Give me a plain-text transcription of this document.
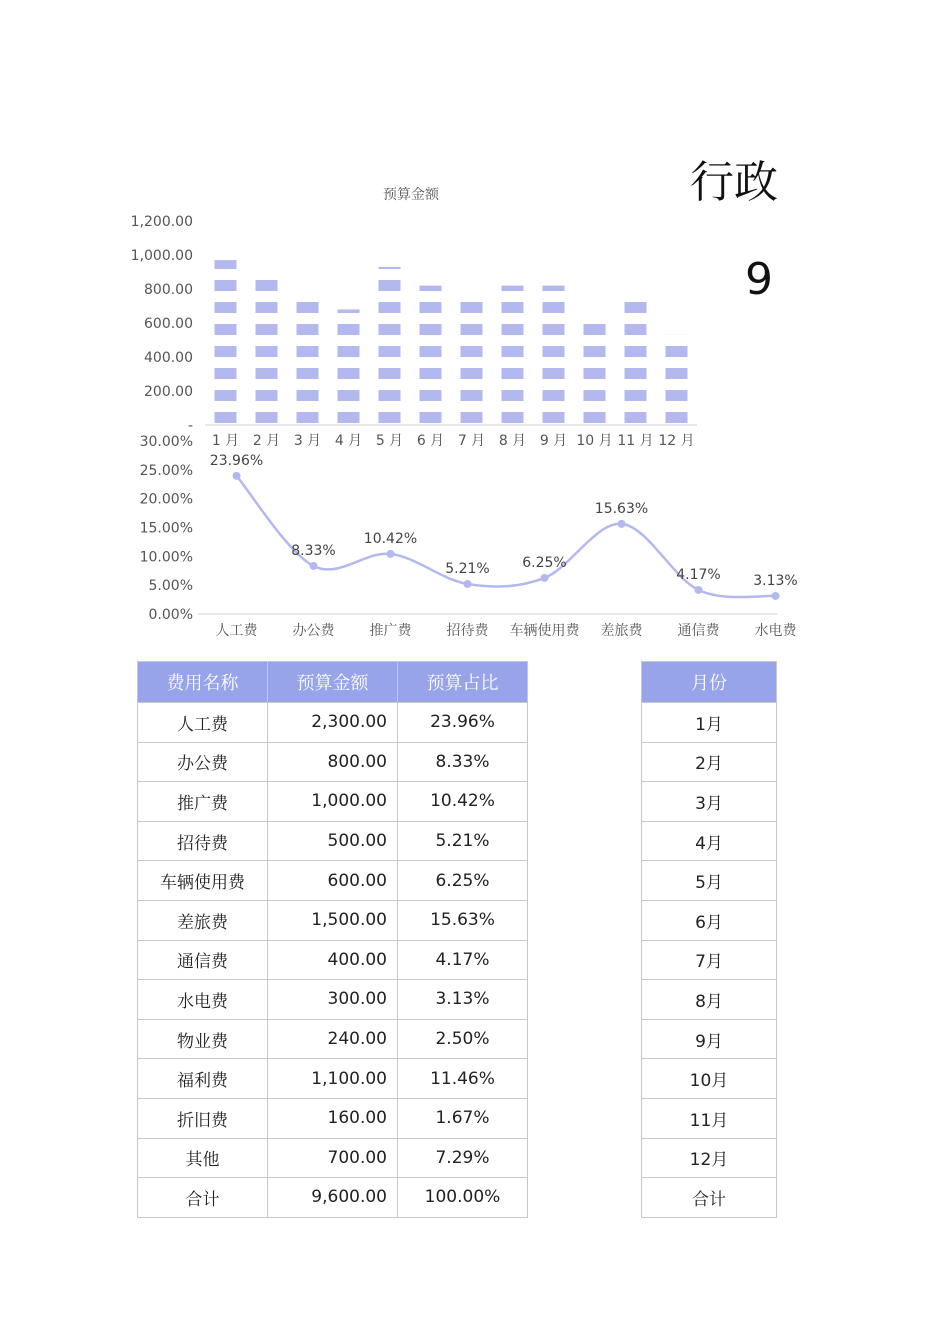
行政
9
预算金额
-
200.00
400.00
600.00
800.00
1,000.00
1,200.00
1 月 2 月 3 月 4 月 5 月 6 月 7 月 8 月 9 月 10 月 11 月 12 月
0.00%
5.00%
10.00%
15.00%
20.00%
25.00%
30.00%
23.96%
8.33%
10.42%
5.21% 6.25%
15.63%
4.17% 3.13%
人工费	办公费	推广费	招待费 车辆使用费 差旅费	通信费	水电费
费用名称	预算金额	预算占比
人工费	2,300.00	23.96%
办公费	800.00	8.33%
推广费	1,000.00	10.42%
招待费	500.00	5.21%
车辆使用费	600.00	6.25%
差旅费	1,500.00	15.63%
通信费	400.00	4.17%
水电费	300.00	3.13%
物业费	240.00	2.50%
福利费	1,100.00	11.46%
折旧费	160.00	1.67%
其他	700.00	7.29%
合计	9,600.00	100.00%
月份
1月
2月
3月
4月
5月
6月
7月
8月
9月
10月
11月
12月
合计
